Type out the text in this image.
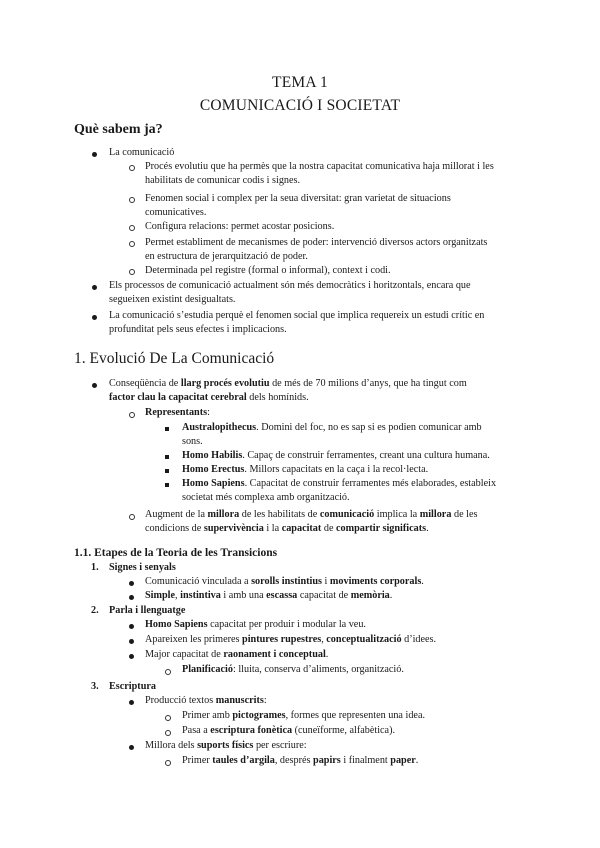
TEMA 1
COMUNICACIÓ I SOCIETAT
Què sabem ja?
La comunicació
Procés evolutiu que ha permès que la nostra capacitat comunicativa haja millorat i les
habilitats de comunicar codis i signes.
Fenomen social i complex per la seua diversitat: gran varietat de situacions
comunicatives.
Configura relacions: permet acostar posicions.
Permet establiment de mecanismes de poder: intervenció diversos actors organitzats
en estructura de jerarquització de poder.
Determinada pel registre (formal o informal), context i codi.
Els processos de comunicació actualment són més democràtics i horitzontals, encara que
segueixen existint desigualtats.
La comunicació s’estudia perquè el fenomen social que implica requereix un estudi crític en
profunditat pels seus efectes i implicacions.
1. Evolució De La Comunicació
Conseqüència de llarg procés evolutiu de més de 70 milions d’anys, que ha tingut com
factor clau la capacitat cerebral dels homínids.
Representants:
Australopithecus. Domini del foc, no es sap si es podien comunicar amb
sons.
Homo Habilis. Capaç de construir ferramentes, creant una cultura humana.
Homo Erectus. Millors capacitats en la caça i la recol·lecta.
Homo Sapiens. Capacitat de construir ferramentes més elaborades, estableix
societat més complexa amb organització.
Augment de la millora de les habilitats de comunicació implica la millora de les
condicions de supervivència i la capacitat de compartir significats.
1.1. Etapes de la Teoria de les Transicions
1. Signes i senyals
Comunicació vinculada a sorolls instintius i moviments corporals.
Simple, instintiva i amb una escassa capacitat de memòria.
2. Parla i llenguatge
Homo Sapiens capacitat per produir i modular la veu.
Apareixen les primeres pintures rupestres, conceptualització d’idees.
Major capacitat de raonament i conceptual.
Planificació: lluita, conserva d’aliments, organització.
3. Escriptura
Producció textos manuscrits:
Primer amb pictogrames, formes que representen una idea.
Pasa a escriptura fonètica (cuneïforme, alfabètica).
Millora dels suports físics per escriure:
Primer taules d’argila, després papirs i finalment paper.
